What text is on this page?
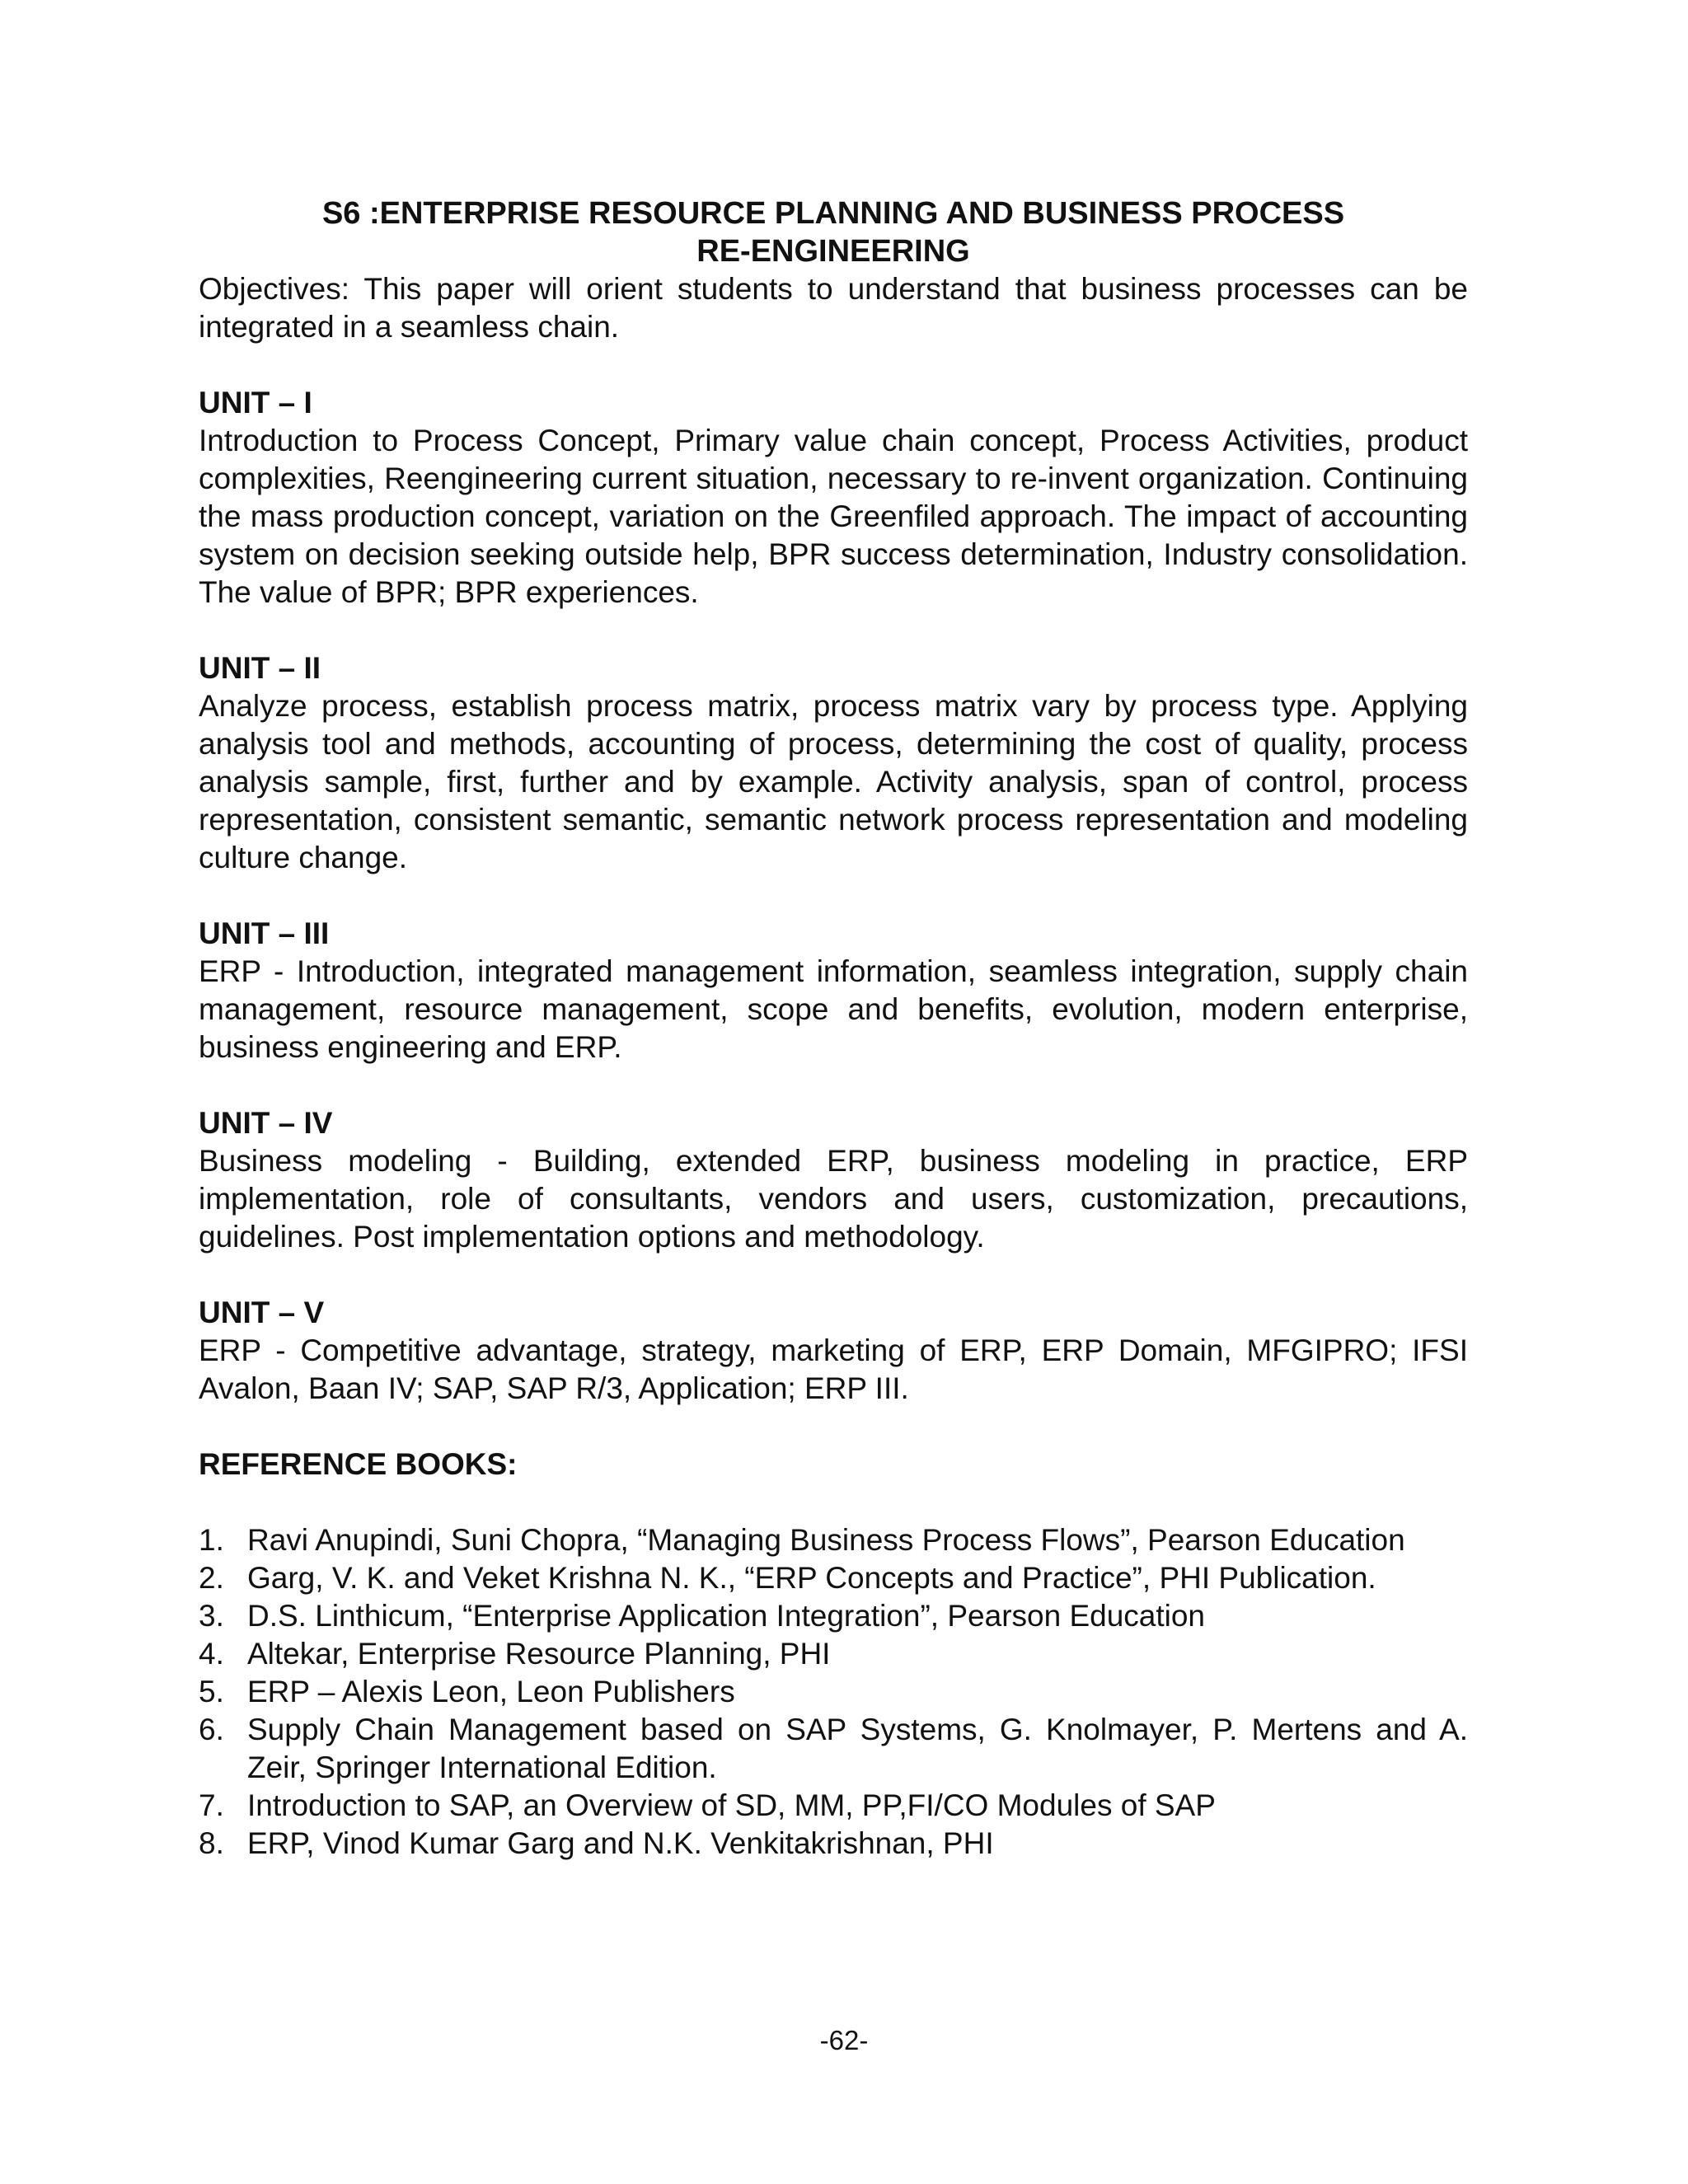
S6 :ENTERPRISE RESOURCE PLANNING AND BUSINESS PROCESS
RE-ENGINEERING

Objectives: This paper will orient students to understand that business processes can be integrated in a seamless chain.

UNIT – I

Introduction to Process Concept, Primary value chain concept, Process Activities, product complexities, Reengineering current situation, necessary to re-invent organization. Continuing the mass production concept, variation on the Greenfiled approach. The impact of accounting system on decision seeking outside help, BPR success determination, Industry consolidation. The value of BPR; BPR experiences.

UNIT – II

Analyze process, establish process matrix, process matrix vary by process type. Applying analysis tool and methods, accounting of process, determining the cost of quality, process analysis sample, first, further and by example. Activity analysis, span of control, process representation, consistent semantic, semantic network process representation and modeling culture change.

UNIT – III

ERP - Introduction, integrated management information, seamless integration, supply chain management, resource management, scope and benefits, evolution, modern enterprise, business engineering and ERP.

UNIT – IV

Business modeling - Building, extended ERP, business modeling in practice, ERP implementation, role of consultants, vendors and users, customization, precautions, guidelines. Post implementation options and methodology.

UNIT – V

ERP - Competitive advantage, strategy, marketing of ERP, ERP Domain, MFGIPRO; IFSI Avalon, Baan IV; SAP, SAP R/3, Application; ERP III.

REFERENCE BOOKS:

1. Ravi Anupindi, Suni Chopra, “Managing Business Process Flows”, Pearson Education
2. Garg, V. K. and Veket Krishna N. K., “ERP Concepts and Practice”, PHI Publication.
3. D.S. Linthicum, “Enterprise Application Integration”, Pearson Education
4. Altekar, Enterprise Resource Planning, PHI
5. ERP – Alexis Leon, Leon Publishers
6. Supply Chain Management based on SAP Systems, G. Knolmayer, P. Mertens and A. Zeir, Springer International Edition.
7. Introduction to SAP, an Overview of SD, MM, PP,FI/CO Modules of SAP
8. ERP, Vinod Kumar Garg and N.K. Venkitakrishnan, PHI
-62-
